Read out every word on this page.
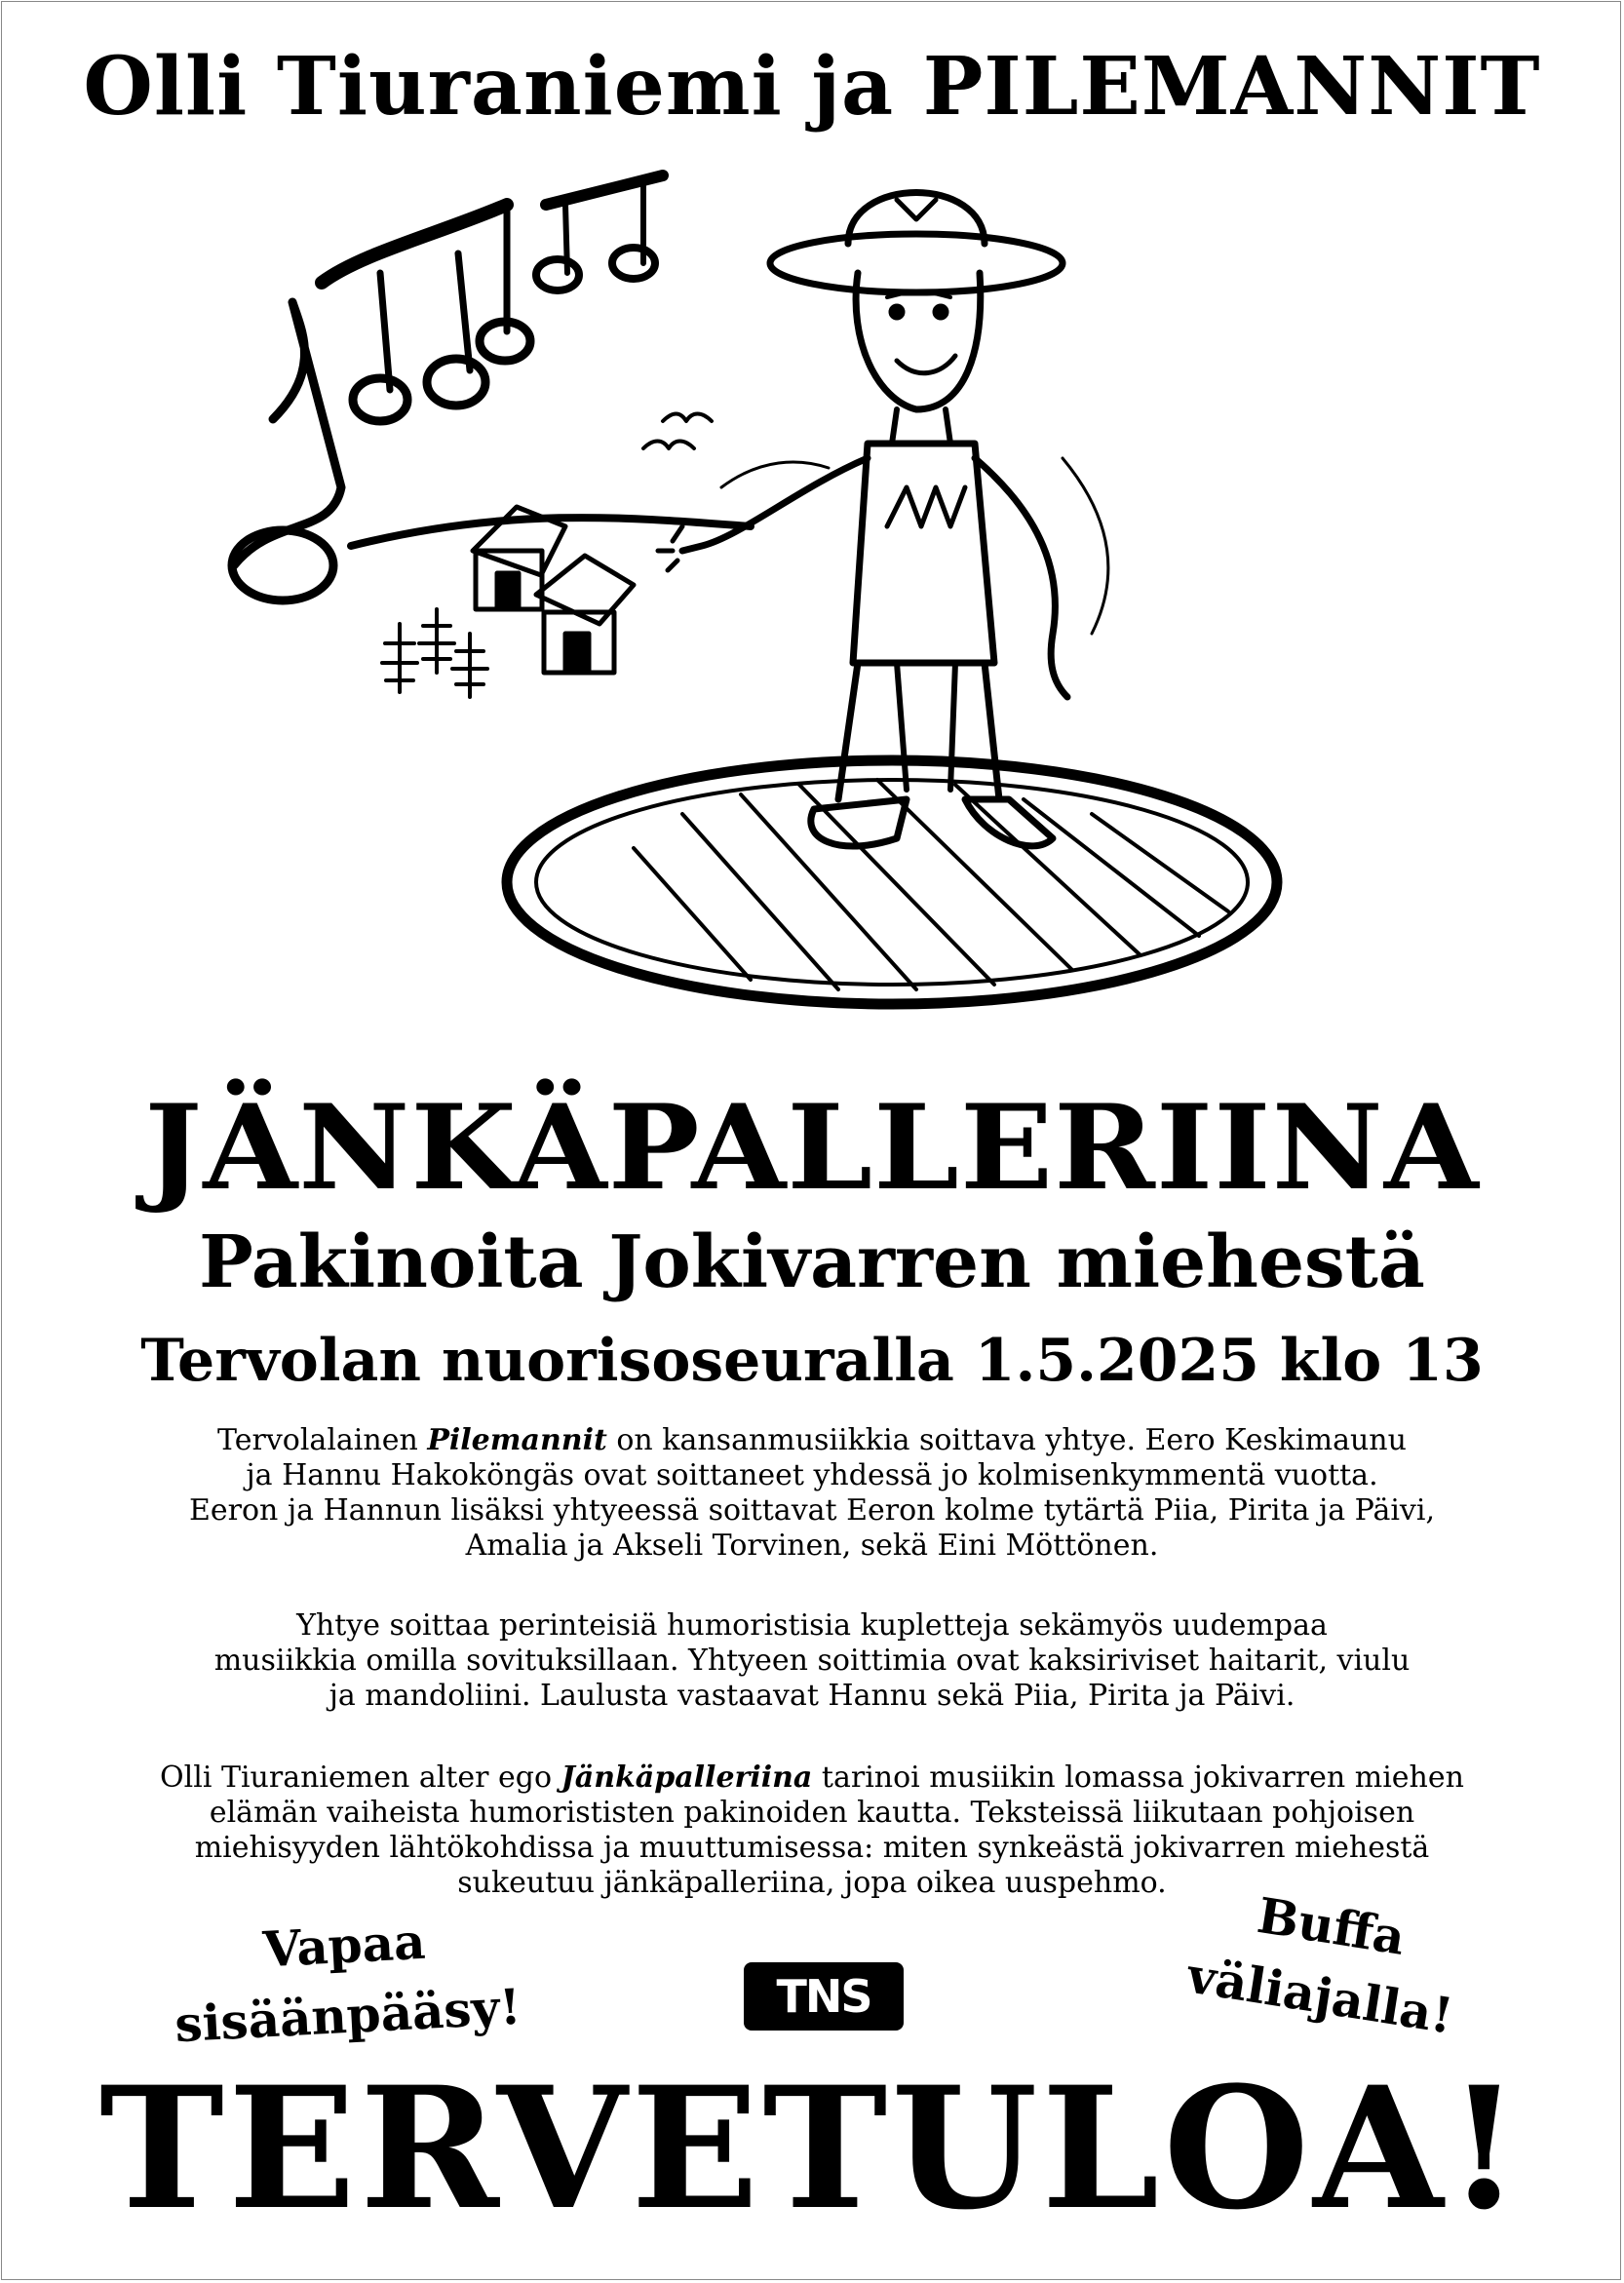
Olli Tiuraniemi ja PILEMANNIT
JÄNKÄPALLERIINA
Pakinoita Jokivarren miehestä
Tervolan nuorisoseuralla 1.5.2025 klo 13

Tervolalainen Pilemannit on kansanmusiikkia soittava yhtye. Eero Keskimaunu
ja Hannu Hakoköngäs ovat soittaneet yhdessä jo kolmisenkymmentä vuotta.
Eeron ja Hannun lisäksi yhtyeessä soittavat Eeron kolme tytärtä Piia, Pirita ja Päivi,
Amalia ja Akseli Torvinen, sekä Eini Möttönen.

Yhtye soittaa perinteisiä humoristisia kupletteja sekämyös uudempaa
musiikkia omilla sovituksillaan. Yhtyeen soittimia ovat kaksiriviset haitarit, viulu
ja mandoliini. Laulusta vastaavat Hannu sekä Piia, Pirita ja Päivi.

Olli Tiuraniemen alter ego Jänkäpalleriina tarinoi musiikin lomassa jokivarren miehen
elämän vaiheista humorististen pakinoiden kautta. Teksteissä liikutaan pohjoisen
miehisyyden lähtökohdissa ja muuttumisessa: miten synkeästä jokivarren miehestä
sukeutuu jänkäpalleriina, jopa oikea uuspehmo.

Vapaa
sisäänpääsy!	TNS
Buffa
väliajalla!
TERVETULOA!
